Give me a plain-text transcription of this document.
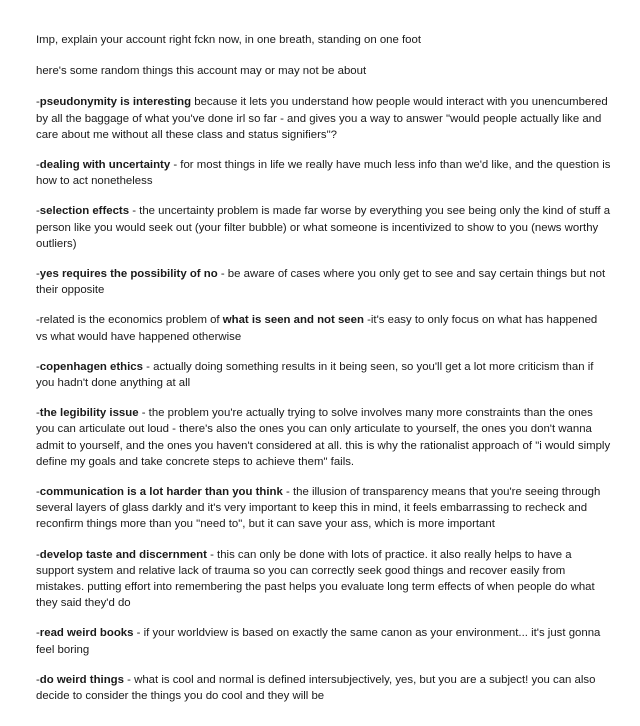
Imp, explain your account right fckn now, in one breath, standing on one foot

here's some random things this account may or may not be about

-pseudonymity is interesting because it lets you understand how people would interact with you unencumbered by all the baggage of what you've done irl so far - and gives you a way to answer "would people actually like and care about me without all these class and status signifiers"?

-dealing with uncertainty - for most things in life we really have much less info than we'd like, and the question is how to act nonetheless

-selection effects - the uncertainty problem is made far worse by everything you see being only the kind of stuff a person like you would seek out (your filter bubble) or what someone is incentivized to show to you (news worthy outliers)

-yes requires the possibility of no - be aware of cases where you only get to see and say certain things but not their opposite

-related is the economics problem of what is seen and not seen -it's easy to only focus on what has happened vs what would have happened otherwise

-copenhagen ethics - actually doing something results in it being seen, so you'll get a lot more criticism than if you hadn't done anything at all

-the legibility issue - the problem you're actually trying to solve involves many more constraints than the ones you can articulate out loud - there's also the ones you can only articulate to yourself, the ones you don't wanna admit to yourself, and the ones you haven't considered at all. this is why the rationalist approach of "i would simply define my goals and take concrete steps to achieve them" fails.

-communication is a lot harder than you think - the illusion of transparency means that you're seeing through several layers of glass darkly and it's very important to keep this in mind, it feels embarrassing to recheck and reconfirm things more than you "need to", but it can save your ass, which is more important

-develop taste and discernment - this can only be done with lots of practice. it also really helps to have a support system and relative lack of trauma so you can correctly seek good things and recover easily from mistakes. putting effort into remembering the past helps you evaluate long term effects of when people do what they said they'd do

-read weird books - if your worldview is based on exactly the same canon as your environment... it's just gonna feel boring

-do weird things - what is cool and normal is defined intersubjectively, yes, but you are a subject! you can also decide to consider the things you do cool and they will be
